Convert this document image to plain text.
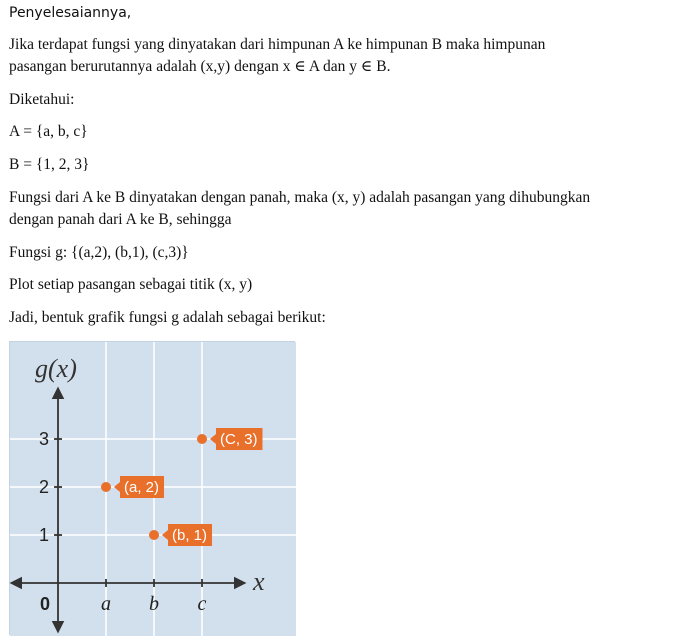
Penyelesaiannya,

Jika terdapat fungsi yang dinyatakan dari himpunan A ke himpunan B maka himpunan

pasangan berurutannya adalah (x,y) dengan x ∈ A dan y ∈ B.

Diketahui:

A = {a, b, c}

B = {1, 2, 3}

Fungsi dari A ke B dinyatakan dengan panah, maka (x, y) adalah pasangan yang dihubungkan

dengan panah dari A ke B, sehingga

Fungsi g: {(a,2), (b,1), (c,3)}

Plot setiap pasangan sebagai titik (x, y)

Jadi, bentuk grafik fungsi g adalah sebagai berikut:

g(x)
x
0
1
2
3
a b c
(a, 2)
(b, 1)
(C, 3)
